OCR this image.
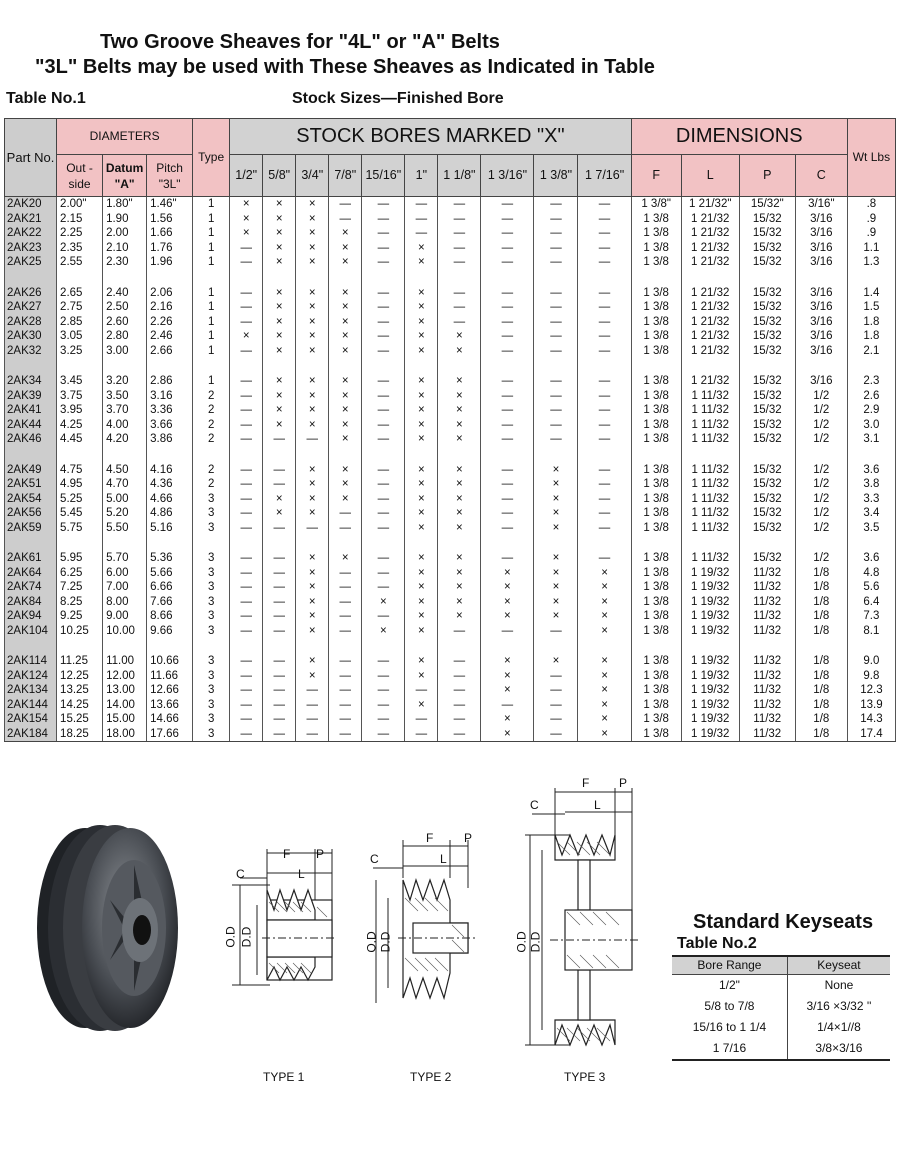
Two Groove Sheaves for "4L" or "A" Belts
"3L" Belts may be used with These Sheaves as Indicated in Table
Table No.1	Stock Sizes—Finished Bore
Part No.	DIAMETERS			Type	STOCK BORES MARKED "X"										DIMENSIONS				Wt Lbs
	Out -side	Datum "A"	Pitch "3L"		1/2"	5/8"	3/4"	7/8"	15/16"	1"	1 1/8"	1 3/16"	1 3/8"	1 7/16"	F	L	P	C	
2AK20	2.00"	1.80"	1.46"	1	×	×	×	—	—	—	—	—	—	—	1 3/8"	1 21/32"	15/32"	3/16"	.8
2AK21	2.15	1.90	1.56	1	×	×	×	—	—	—	—	—	—	—	1 3/8	1 21/32	15/32	3/16	.9
2AK22	2.25	2.00	1.66	1	×	×	×	×	—	—	—	—	—	—	1 3/8	1 21/32	15/32	3/16	.9
2AK23	2.35	2.10	1.76	1	—	×	×	×	—	×	—	—	—	—	1 3/8	1 21/32	15/32	3/16	1.1
2AK25	2.55	2.30	1.96	1	—	×	×	×	—	×	—	—	—	—	1 3/8	1 21/32	15/32	3/16	1.3

2AK26	2.65	2.40	2.06	1	—	×	×	×	—	×	—	—	—	—	1 3/8	1 21/32	15/32	3/16	1.4
2AK27	2.75	2.50	2.16	1	—	×	×	×	—	×	—	—	—	—	1 3/8	1 21/32	15/32	3/16	1.5
2AK28	2.85	2.60	2.26	1	—	×	×	×	—	×	—	—	—	—	1 3/8	1 21/32	15/32	3/16	1.8
2AK30	3.05	2.80	2.46	1	×	×	×	×	—	×	×	—	—	—	1 3/8	1 21/32	15/32	3/16	1.8
2AK32	3.25	3.00	2.66	1	—	×	×	×	—	×	×	—	—	—	1 3/8	1 21/32	15/32	3/16	2.1

2AK34	3.45	3.20	2.86	1	—	×	×	×	—	×	×	—	—	—	1 3/8	1 21/32	15/32	3/16	2.3
2AK39	3.75	3.50	3.16	2	—	×	×	×	—	×	×	—	—	—	1 3/8	1 11/32	15/32	1/2	2.6
2AK41	3.95	3.70	3.36	2	—	×	×	×	—	×	×	—	—	—	1 3/8	1 11/32	15/32	1/2	2.9
2AK44	4.25	4.00	3.66	2	—	×	×	×	—	×	×	—	—	—	1 3/8	1 11/32	15/32	1/2	3.0
2AK46	4.45	4.20	3.86	2	—	—	—	×	—	×	×	—	—	—	1 3/8	1 11/32	15/32	1/2	3.1

2AK49	4.75	4.50	4.16	2	—	—	×	×	—	×	×	—	×	—	1 3/8	1 11/32	15/32	1/2	3.6
2AK51	4.95	4.70	4.36	2	—	—	×	×	—	×	×	—	×	—	1 3/8	1 11/32	15/32	1/2	3.8
2AK54	5.25	5.00	4.66	3	—	×	×	×	—	×	×	—	×	—	1 3/8	1 11/32	15/32	1/2	3.3
2AK56	5.45	5.20	4.86	3	—	×	×	—	—	×	×	—	×	—	1 3/8	1 11/32	15/32	1/2	3.4
2AK59	5.75	5.50	5.16	3	—	—	—	—	—	×	×	—	×	—	1 3/8	1 11/32	15/32	1/2	3.5

2AK61	5.95	5.70	5.36	3	—	—	×	×	—	×	×	—	×	—	1 3/8	1 11/32	15/32	1/2	3.6
2AK64	6.25	6.00	5.66	3	—	—	×	—	—	×	×	×	×	×	1 3/8	1 19/32	11/32	1/8	4.8
2AK74	7.25	7.00	6.66	3	—	—	×	—	—	×	×	×	×	×	1 3/8	1 19/32	11/32	1/8	5.6
2AK84	8.25	8.00	7.66	3	—	—	×	—	×	×	×	×	×	×	1 3/8	1 19/32	11/32	1/8	6.4
2AK94	9.25	9.00	8.66	3	—	—	×	—	—	×	×	×	×	×	1 3/8	1 19/32	11/32	1/8	7.3
2AK104	10.25	10.00	9.66	3	—	—	×	—	×	×	—	—	—	×	1 3/8	1 19/32	11/32	1/8	8.1

2AK114	11.25	11.00	10.66	3	—	—	×	—	—	×	—	×	×	×	1 3/8	1 19/32	11/32	1/8	9.0
2AK124	12.25	12.00	11.66	3	—	—	×	—	—	×	—	×	—	×	1 3/8	1 19/32	11/32	1/8	9.8
2AK134	13.25	13.00	12.66	3	—	—	—	—	—	—	—	×	—	×	1 3/8	1 19/32	11/32	1/8	12.3
2AK144	14.25	14.00	13.66	3	—	—	—	—	—	×	—	—	—	×	1 3/8	1 19/32	11/32	1/8	13.9
2AK154	15.25	15.00	14.66	3	—	—	—	—	—	—	—	×	—	×	1 3/8	1 19/32	11/32	1/8	14.3
2AK184	18.25	18.00	17.66	3	—	—	—	—	—	—	—	×	—	×	1 3/8	1 19/32	11/32	1/8	17.4
F P
C	L
O.D D.D
TYPE 1
F	P
C	L
O.D D.D
TYPE 2
F P
C	L
O.D D.D
TYPE 3
Standard Keyseats
Table No.2
Bore Range	Keyseat
1/2"	None
5/8 to 7/8	3/16 ×3/32 ''
15/16 to 1 1/4	1/4×1//8
1 7/16	3/8×3/16
